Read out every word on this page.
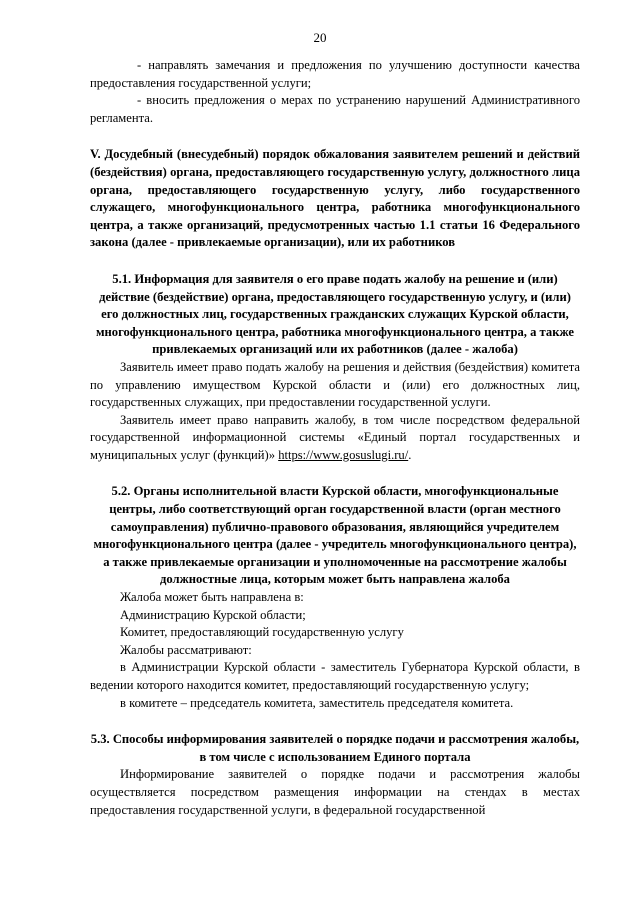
20

- направлять замечания и предложения по улучшению доступности качества предоставления государственной услуги;

- вносить предложения о мерах по устранению нарушений Административного регламента.

V. Досудебный (внесудебный) порядок обжалования заявителем решений и действий (бездействия) органа, предоставляющего государственную услугу, должностного лица органа, предоставляющего государственную услугу, либо государственного служащего, многофункционального центра, работника многофункционального центра, а также организаций, предусмотренных частью 1.1 статьи 16 Федерального закона (далее - привлекаемые организации), или их работников

5.1. Информация для заявителя о его праве подать жалобу на решение и (или) действие (бездействие) органа, предоставляющего государственную услугу, и (или) его должностных лиц, государственных гражданских служащих Курской области, многофункционального центра, работника многофункционального центра, а также привлекаемых организаций или их работников (далее - жалоба)

Заявитель имеет право подать жалобу на решения и действия (бездействия) комитета по управлению имуществом Курской области и (или) его должностных лиц, государственных служащих, при предоставлении государственной услуги.

Заявитель имеет право направить жалобу, в том числе посредством федеральной государственной информационной системы «Единый портал государственных и муниципальных услуг (функций)» https://www.gosuslugi.ru/.

5.2. Органы исполнительной власти Курской области, многофункциональные центры, либо соответствующий орган государственной власти (орган местного самоуправления) публично-правового образования, являющийся учредителем многофункционального центра (далее - учредитель многофункционального центра), а также привлекаемые организации и уполномоченные на рассмотрение жалобы должностные лица, которым может быть направлена жалоба

Жалоба может быть направлена в:

Администрацию Курской области;

Комитет, предоставляющий государственную услугу

Жалобы рассматривают:

в Администрации Курской области - заместитель Губернатора Курской области, в ведении которого находится комитет, предоставляющий государственную услугу;

в комитете – председатель комитета, заместитель председателя комитета.

5.3. Способы информирования заявителей о порядке подачи и рассмотрения жалобы, в том числе с использованием Единого портала

Информирование заявителей о порядке подачи и рассмотрения жалобы осуществляется посредством размещения информации на стендах в местах предоставления государственной услуги, в федеральной государственной
